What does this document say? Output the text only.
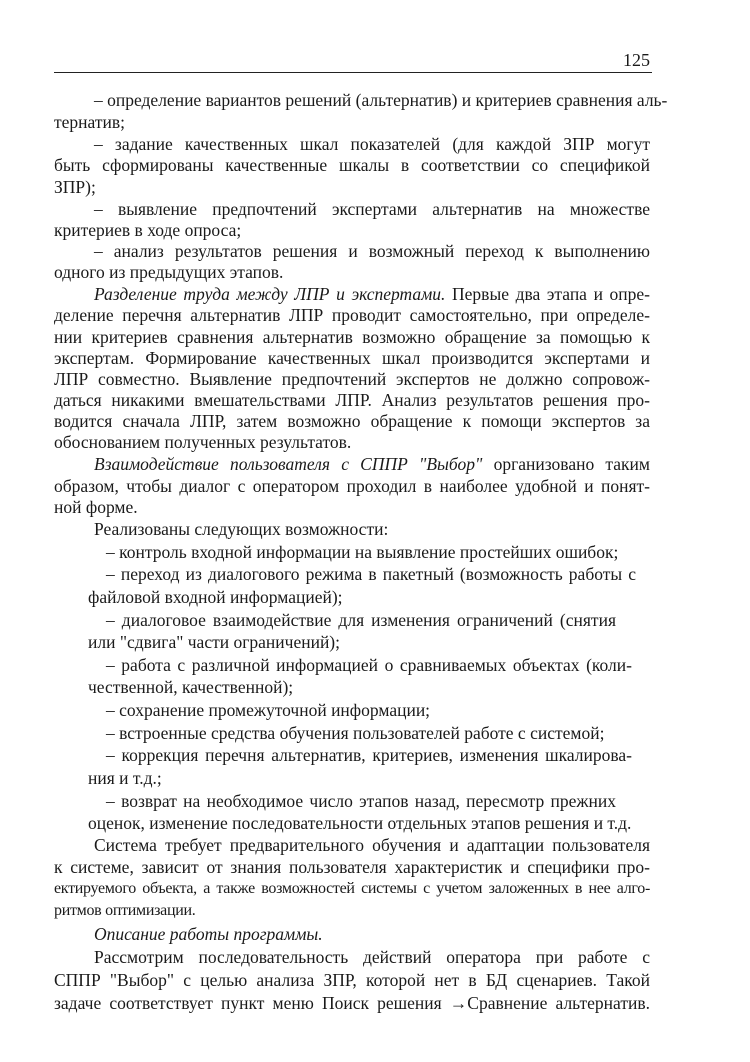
125
– определение вариантов решений (альтернатив) и критериев сравнения аль-
тернатив;
– задание качественных шкал показателей (для каждой ЗПР могут
быть сформированы качественные шкалы в соответствии со спецификой
ЗПР);
– выявление предпочтений экспертами альтернатив на множестве
критериев в ходе опроса;
– анализ результатов решения и возможный переход к выполнению
одного из предыдущих этапов.
Разделение труда между ЛПР и экспертами. Первые два этапа и опре-
деление перечня альтернатив ЛПР проводит самостоятельно, при определе-
нии критериев сравнения альтернатив возможно обращение за помощью к
экспертам. Формирование качественных шкал производится экспертами и
ЛПР совместно. Выявление предпочтений экспертов не должно сопровож-
даться никакими вмешательствами ЛПР. Анализ результатов решения про-
водится сначала ЛПР, затем возможно обращение к помощи экспертов за
обоснованием полученных результатов.
Взаимодействие пользователя с СППР "Выбор" организовано таким
образом, чтобы диалог с оператором проходил в наиболее удобной и понят-
ной форме.
Реализованы следующих возможности:
– контроль входной информации на выявление простейших ошибок;
– переход из диалогового режима в пакетный (возможность работы с
файловой входной информацией);
– диалоговое взаимодействие для изменения ограничений (снятия
или "сдвига" части ограничений);
– работа с различной информацией о сравниваемых объектах (коли-
чественной, качественной);
– сохранение промежуточной информации;
– встроенные средства обучения пользователей работе с системой;
– коррекция перечня альтернатив, критериев, изменения шкалирова-
ния и т.д.;
– возврат на необходимое число этапов назад, пересмотр прежних
оценок, изменение последовательности отдельных этапов решения и т.д.
Система требует предварительного обучения и адаптации пользователя
к системе, зависит от знания пользователя характеристик и специфики про-
ектируемого объекта, а также возможностей системы с учетом заложенных в нее алго-
ритмов оптимизации.
Описание работы программы.
Рассмотрим последовательность действий оператора при работе с
СППР "Выбор" с целью анализа ЗПР, которой нет в БД сценариев. Такой
задаче соответствует пункт меню Поиск решения →Сравнение альтернатив.
